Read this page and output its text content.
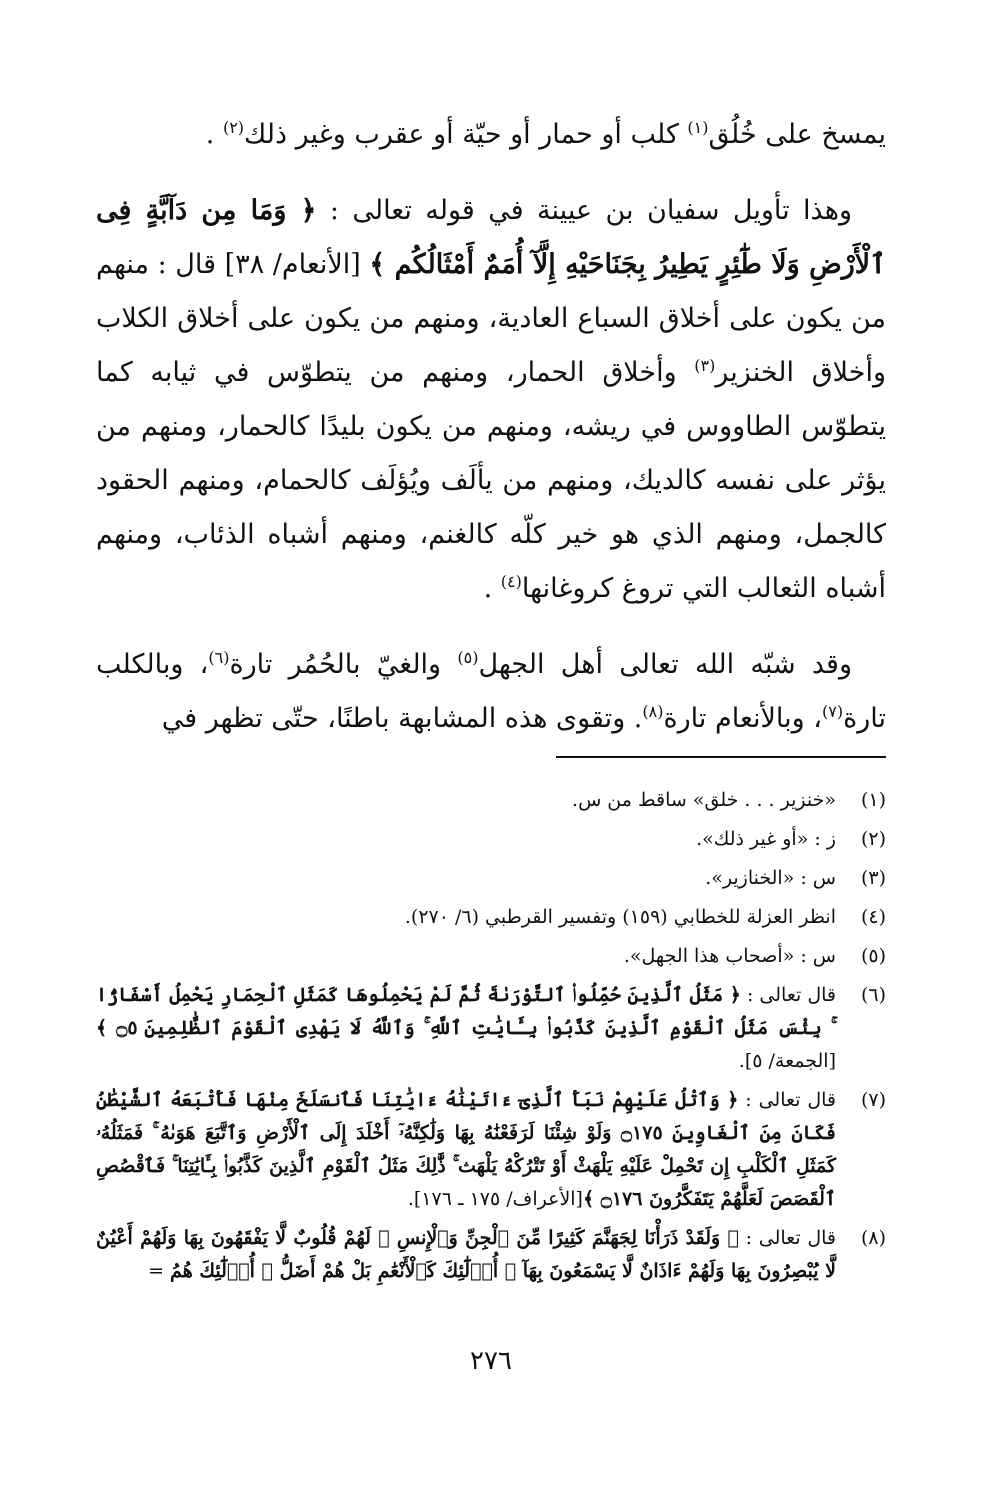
يمسخ على خُلُق$^{(١)}$ كلب أو حمار أو حيّة أو عقرب وغير ذلك$^{(٢)}$ .

وهذا تأويل سفيان بن عيينة في قوله تعالى : ﴿ وَمَا مِن دَآبَّةٍ فِى ٱلْأَرْضِ وَلَا طَٰٓئِرٍ يَطِيرُ بِجَنَاحَيْهِ إِلَّآ أُمَمٌ أَمْثَالُكُم ﴾ [الأنعام/ ٣٨] قال : منهم من يكون على أخلاق السباع العادية، ومنهم من يكون على أخلاق الكلاب وأخلاق الخنزير$^{(٣)}$ وأخلاق الحمار، ومنهم من يتطوّس في ثيابه كما يتطوّس الطاووس في ريشه، ومنهم من يكون بليدًا كالحمار، ومنهم من يؤثر على نفسه كالديك، ومنهم من يألَف ويُؤلَف كالحمام، ومنهم الحقود كالجمل، ومنهم الذي هو خير كلّه كالغنم، ومنهم أشباه الذئاب، ومنهم أشباه الثعالب التي تروغ كروغانها$^{(٤)}$ .

وقد شبّه الله تعالى أهل الجهل$^{(٥)}$ والغيّ بالحُمُر تارة$^{(٦)}$، وبالكلب تارة$^{(٧)}$، وبالأنعام تارة$^{(٨)}$. وتقوى هذه المشابهة باطنًا، حتّى تظهر في

(١)
«خنزير . . . خلق» ساقط من س.
(٢)
ز : «أو غير ذلك».
(٣)
س : «الخنازير».
(٤)
انظر العزلة للخطابي (١٥٩) وتفسير القرطبي (٦/ ٢٧٠).
(٥)
س : «أصحاب هذا الجهل».
(٦)
قال تعالى : ﴿ مَثَلُ ٱلَّذِينَ حُمِّلُوا۟ ٱلتَّوْرَىٰةَ ثُمَّ لَمْ يَحْمِلُوهَا كَمَثَلِ ٱلْحِمَارِ يَحْمِلُ أَسْفَارًۢا ۚ بِئْسَ مَثَلُ ٱلْقَوْمِ ٱلَّذِينَ كَذَّبُوا۟ بِـَٔايَٰتِ ٱللَّهِ ۚ وَٱللَّهُ لَا يَهْدِى ٱلْقَوْمَ ٱلظَّٰلِمِينَ ۝٥ ﴾ [الجمعة/ ٥].
(٧)
قال تعالى : ﴿ وَٱتْلُ عَلَيْهِمْ نَبَأَ ٱلَّذِىٓ ءَاتَيْنَٰهُ ءَايَٰتِنَا فَٱنسَلَخَ مِنْهَا فَأَتْبَعَهُ ٱلشَّيْطَٰنُ فَكَانَ مِنَ ٱلْغَاوِينَ ۝١٧٥ وَلَوْ شِئْنَا لَرَفَعْنَٰهُ بِهَا وَلَٰكِنَّهُۥٓ أَخْلَدَ إِلَى ٱلْأَرْضِ وَٱتَّبَعَ هَوَىٰهُ ۚ فَمَثَلُهُۥ كَمَثَلِ ٱلْكَلْبِ إِن تَحْمِلْ عَلَيْهِ يَلْهَثْ أَوْ تَتْرُكْهُ يَلْهَث ۚ ذَّٰلِكَ مَثَلُ ٱلْقَوْمِ ٱلَّذِينَ كَذَّبُوا۟ بِـَٔايَٰتِنَا ۚ فَٱقْصُصِ ٱلْقَصَصَ لَعَلَّهُمْ يَتَفَكَّرُونَ ۝١٧٦ ﴾[الأعراف/ ١٧٥ ـ ١٧٦].
(٨)
قال تعالى : ﴿ وَلَقَدْ ذَرَأْنَا لِجَهَنَّمَ كَثِيرًا مِّنَ ٱلْجِنِّ وَٱلْإِنسِ ۖ لَهُمْ قُلُوبٌ لَّا يَفْقَهُونَ بِهَا وَلَهُمْ أَعْيُنٌ لَّا يُبْصِرُونَ بِهَا وَلَهُمْ ءَاذَانٌ لَّا يَسْمَعُونَ بِهَآ ۚ أُو۟لَٰٓئِكَ كَٱلْأَنْعَٰمِ بَلْ هُمْ أَضَلُّ ۚ أُو۟لَٰٓئِكَ هُمُ =
٢٧٦
